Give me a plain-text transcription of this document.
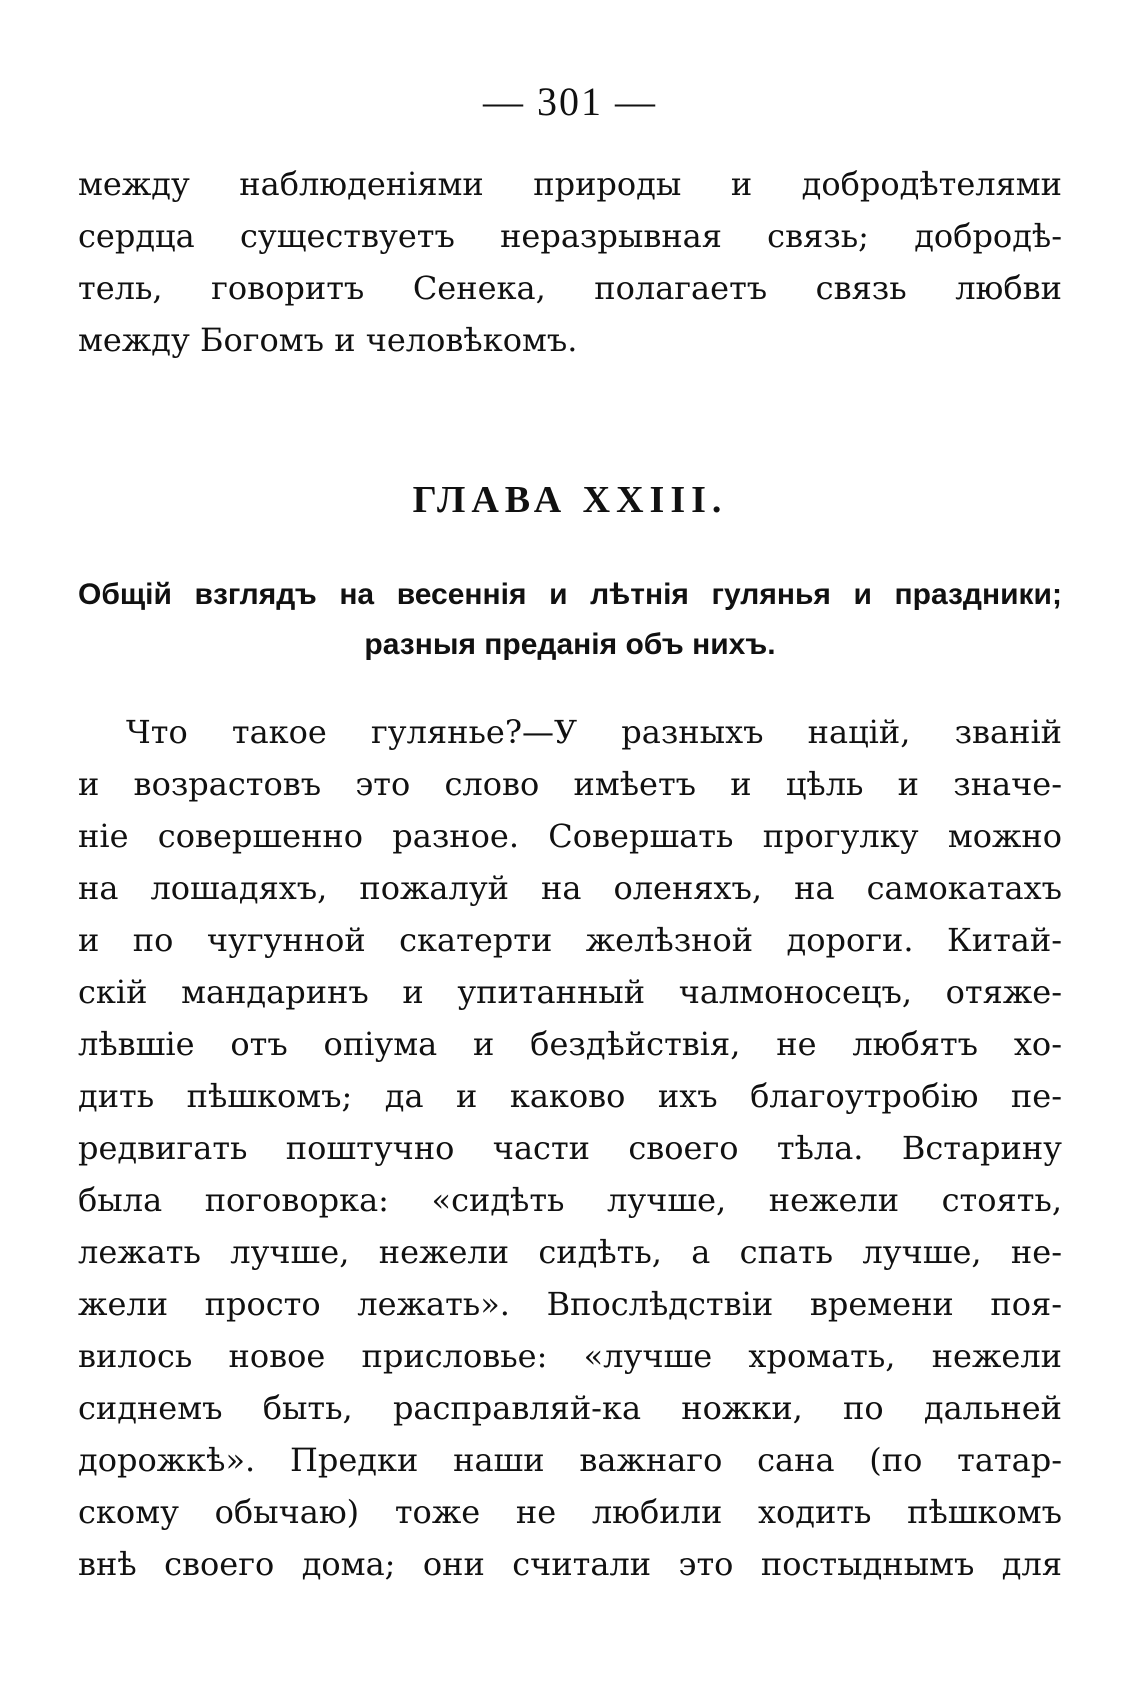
— 301 —
между наблюденіями природы и добродѣтелями
сердца существуетъ неразрывная связь; добродѣ-
тель, говоритъ Сенека, полагаетъ связь любви
между Богомъ и человѣкомъ.
ГЛАВА XXIII.
Общій взглядъ на весеннія и лѣтнія гулянья и праздники;
разныя преданія объ нихъ.
Что такое гулянье?—У разныхъ націй, званій
и возрастовъ это слово имѣетъ и цѣль и значе-
ніе совершенно разное. Совершать прогулку можно
на лошадяхъ, пожалуй на оленяхъ, на самокатахъ
и по чугунной скатерти желѣзной дороги. Китай-
скій мандаринъ и упитанный чалмоносецъ, отяже-
лѣвшіе отъ опіума и бездѣйствія, не любятъ хо-
дить пѣшкомъ; да и каково ихъ благоутробію пе-
редвигать поштучно части своего тѣла. Встарину
была поговорка: «сидѣть лучше, нежели стоять,
лежать лучше, нежели сидѣть, а спать лучше, не-
жели просто лежать». Впослѣдствіи времени поя-
вилось новое присловье: «лучше хромать, нежели
сиднемъ быть, расправляй-ка ножки, по дальней
дорожкѣ». Предки наши важнаго сана (по татар-
скому обычаю) тоже не любили ходить пѣшкомъ
внѣ своего дома; они считали это постыднымъ для
